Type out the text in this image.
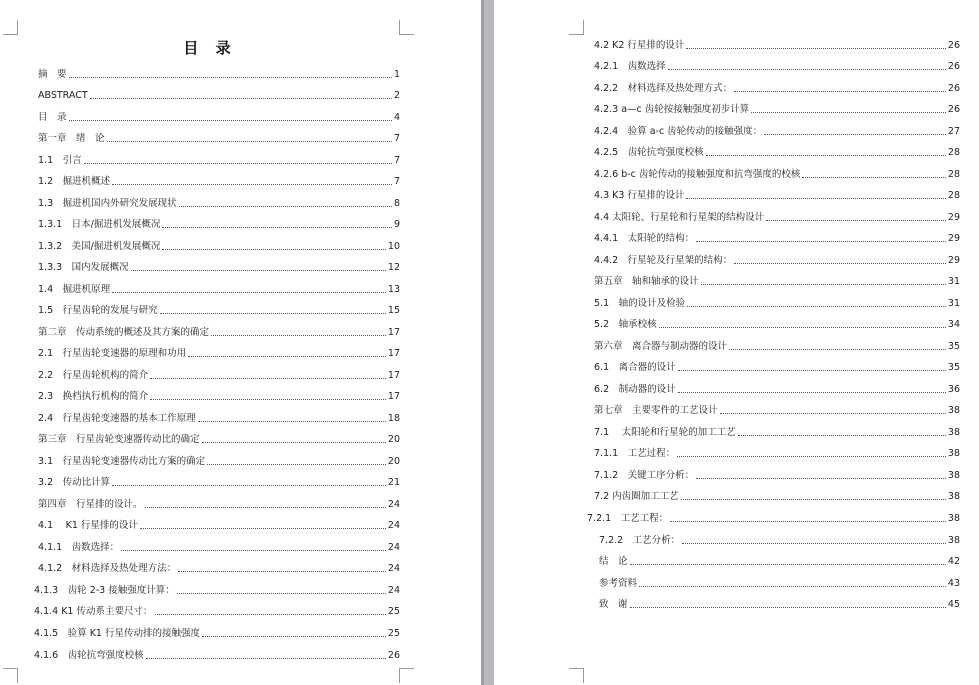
目 录
摘　要	1
ABSTRACT	2
目　录	4
第一章　绪　论	7
1.1　引言	7
1.2　掘进机概述	7
1.3　掘进机国内外研究发展现状	8
1.3.1　日本/掘进机发展概况	9
1.3.2　美国/掘进机发展概况	10
1.3.3　国内发展概况	12
1.4　掘进机原理	13
1.5　行星齿轮的发展与研究	15
第二章　传动系统的概述及其方案的确定	17
2.1　行星齿轮变速器的原理和功用	17
2.2　行星齿轮机构的简介	17
2.3　换档执行机构的简介	17
2.4　行星齿轮变速器的基本工作原理	18
第三章　行星齿轮变速器传动比的确定	20
3.1　行星齿轮变速器传动比方案的确定	20
3.2　传动比计算	21
第四章　行星排的设计。	24
4.1　 K1 行星排的设计	24
4.1.1　齿数选择：	24
4.1.2　材料选择及热处理方法：	24
4.1.3　齿轮 2-3 接触强度计算：	24
4.1.4 K1 传动系主要尺寸：	25
4.1.5　验算 K1 行星传动排的接触强度	25
4.1.6　齿轮抗弯强度校核	26
4.2 K2 行星排的设计	26
4.2.1　齿数选择	26
4.2.2　材料选择及热处理方式：	26
4.2.3 a—c 齿轮按接触强度初步计算	26
4.2.4　验算 a-c 齿轮传动的接触强度：	27
4.2.5　齿轮抗弯强度校核	28
4.2.6 b-c 齿轮传动的接触强度和抗弯强度的校核	28
4.3 K3 行星排的设计	28
4.4 太阳轮、行星轮和行星架的结构设计	29
4.4.1　太阳轮的结构：	29
4.4.2　行星轮及行星架的结构：	29
第五章　轴和轴承的设计	31
5.1　轴的设计及检验	31
5.2　轴承校核	34
第六章　离合器与制动器的设计	35
6.1　离合器的设计	35
6.2　制动器的设计	36
第七章　主要零件的工艺设计	38
7.1　 太阳轮和行星轮的加工工艺	38
7.1.1　工艺过程：	38
7.1.2　关键工序分析：	38
7.2 内齿圈加工工艺	38
7.2.1　工艺工程：	38
7.2.2　工艺分析：	38
结　论	42
参考资料	43
致　谢	45
